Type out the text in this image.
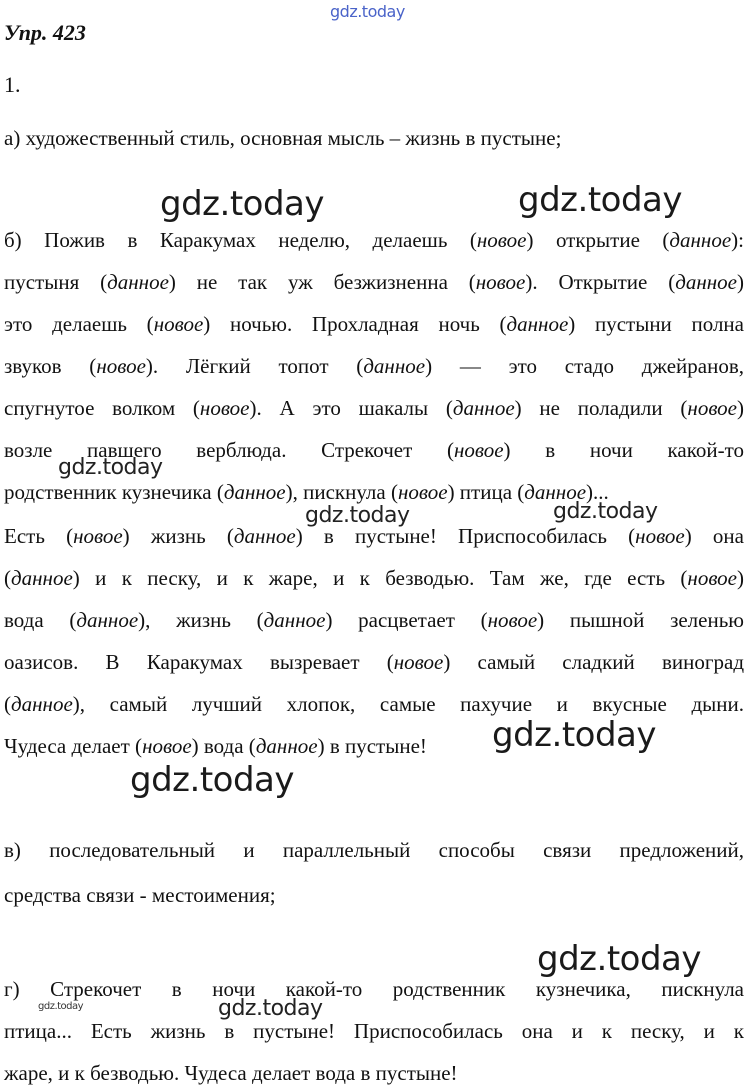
Упр. 423
1.
а) художественный стиль, основная мысль – жизнь в пустыне;
б) Пожив в Каракумах неделю, делаешь (новое) открытие (данное):
пустыня (данное) не так уж безжизненна (новое). Открытие (данное)
это делаешь (новое) ночью. Прохладная ночь (данное) пустыни полна
звуков (новое). Лёгкий топот (данное) — это стадо джейранов,
спугнутое волком (новое). А это шакалы (данное) не поладили (новое)
возле павшего верблюда. Стрекочет (новое) в ночи какой-то
родственник кузнечика (данное), пискнула (новое) птица (данное)...
Есть (новое) жизнь (данное) в пустыне! Приспособилась (новое) она
(данное) и к песку, и к жаре, и к безводью. Там же, где есть (новое)
вода (данное), жизнь (данное) расцветает (новое) пышной зеленью
оазисов. В Каракумах вызревает (новое) самый сладкий виноград
(данное), самый лучший хлопок, самые пахучие и вкусные дыни.
Чудеса делает (новое) вода (данное) в пустыне!
в) последовательный и параллельный способы связи предложений,
средства связи - местоимения;
г) Стрекочет в ночи какой-то родственник кузнечика, пискнула
птица... Есть жизнь в пустыне! Приспособилась она и к песку, и к
жаре, и к безводью. Чудеса делает вода в пустыне!
gdz.today
gdz.today	gdz.today
gdz.today
gdz.today	gdz.today
gdz.today
gdz.today
gdz.today
gdz.today
gdz.today
